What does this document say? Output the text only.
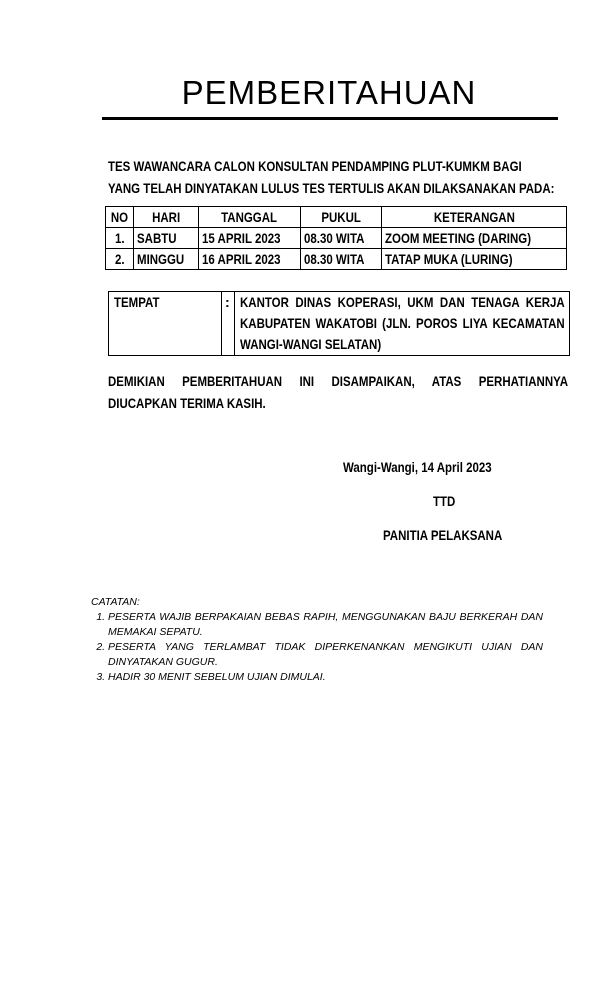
PEMBERITAHUAN
TES WAWANCARA CALON KONSULTAN PENDAMPING PLUT-KUMKM BAGI
YANG TELAH DINYATAKAN LULUS TES TERTULIS AKAN DILAKSANAKAN PADA:
NO	HARI	TANGGAL	PUKUL	KETERANGAN
1.	SABTU	15 APRIL 2023	08.30 WITA	ZOOM MEETING (DARING)
2.	MINGGU	16 APRIL 2023	08.30 WITA	TATAP MUKA (LURING)
TEMPAT	: KANTOR DINAS KOPERASI, UKM DAN TENAGA KERJA KABUPATEN WAKATOBI (JLN. POROS LIYA KECAMATAN WANGI-WANGI SELATAN)
DEMIKIAN PEMBERITAHUAN INI DISAMPAIKAN, ATAS PERHATIANNYA DIUCAPKAN TERIMA KASIH.
Wangi-Wangi, 14 April 2023
TTD
PANITIA PELAKSANA
CATATAN:
1. PESERTA WAJIB BERPAKAIAN BEBAS RAPIH, MENGGUNAKAN BAJU BERKERAH DAN MEMAKAI SEPATU.
2. PESERTA YANG TERLAMBAT TIDAK DIPERKENANKAN MENGIKUTI UJIAN DAN DINYATAKAN GUGUR.
3. HADIR 30 MENIT SEBELUM UJIAN DIMULAI.
